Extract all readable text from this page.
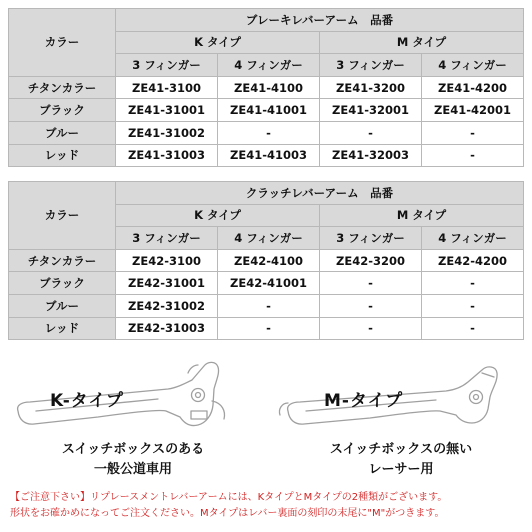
カラー	ブレーキレバーアーム　品番			
	K タイプ		M タイプ	
	3 フィンガー	4 フィンガー	3 フィンガー	4 フィンガー
チタンカラー	ZE41-3100	ZE41-4100	ZE41-3200	ZE41-4200
ブラック	ZE41-31001	ZE41-41001	ZE41-32001	ZE41-42001
ブルー	ZE41-31002	-	-	-
レッド	ZE41-31003	ZE41-41003	ZE41-32003	-
カラー	クラッチレバーアーム　品番			
	K タイプ		M タイプ	
	3 フィンガー	4 フィンガー	3 フィンガー	4 フィンガー
チタンカラー	ZE42-3100	ZE42-4100	ZE42-3200	ZE42-4200
ブラック	ZE42-31001	ZE42-41001	-	-
ブルー	ZE42-31002	-	-	-
レッド	ZE42-31003	-	-	-
K-タイプ
スイッチボックスのある
一般公道車用
M-タイプ
スイッチボックスの無い
レーサー用
【ご注意下さい】リプレースメントレバーアームには、KタイプとMタイプの2種類がございます。
形状をお確かめになってご注文ください。Mタイプはレバー裏面の刻印の末尾に"M"がつきます。
